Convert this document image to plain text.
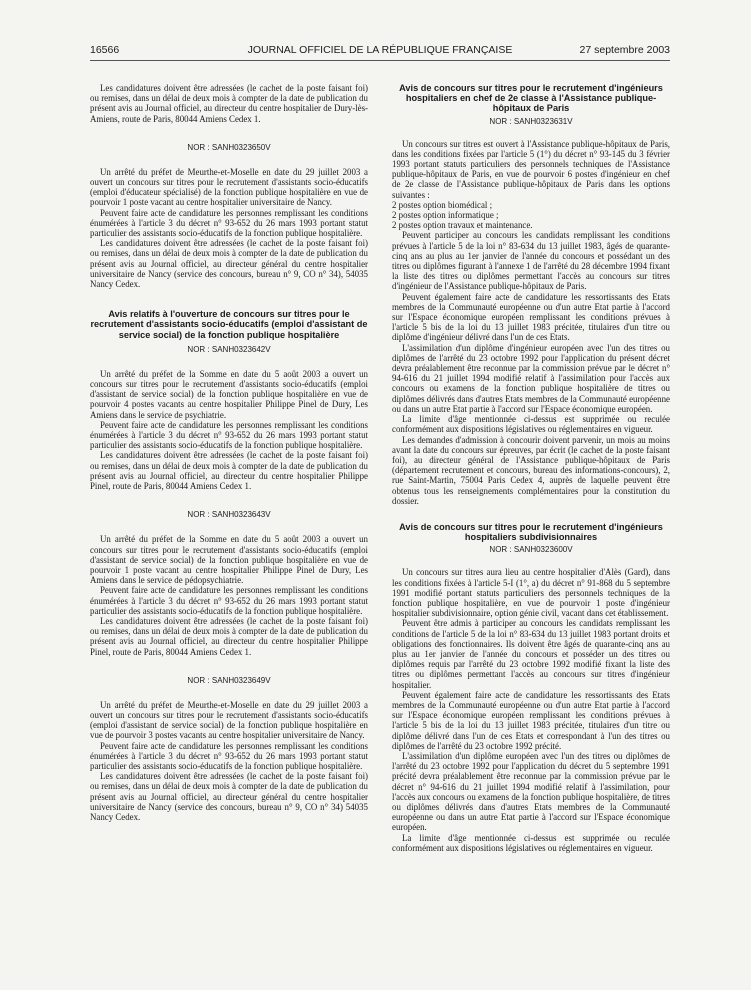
16566	JOURNAL OFFICIEL DE LA RÉPUBLIQUE FRANÇAISE	27 septembre 2003

Les candidatures doivent être adressées (le cachet de la poste faisant foi) ou remises, dans un délai de deux mois à compter de la date de publication du présent avis au Journal officiel, au directeur du centre hospitalier de Dury-lès-Amiens, route de Paris, 80044 Amiens Cedex 1.

NOR : SANH0323650V

Un arrêté du préfet de Meurthe-et-Moselle en date du 29 juillet 2003 a ouvert un concours sur titres pour le recrutement d'assistants socio-éducatifs (emploi d'éducateur spécialisé) de la fonction publique hospitalière en vue de pourvoir 1 poste vacant au centre hospitalier universitaire de Nancy.

Peuvent faire acte de candidature les personnes remplissant les conditions énumérées à l'article 3 du décret n° 93-652 du 26 mars 1993 portant statut particulier des assistants socio-éducatifs de la fonction publique hospitalière.

Les candidatures doivent être adressées (le cachet de la poste faisant foi) ou remises, dans un délai de deux mois à compter de la date de publication du présent avis au Journal officiel, au directeur général du centre hospitalier universitaire de Nancy (service des concours, bureau n° 9, CO n° 34), 54035 Nancy Cedex.

Avis relatifs à l'ouverture de concours sur titres pour le recrutement d'assistants socio-éducatifs (emploi d'assistant de service social) de la fonction publique hospitalière
NOR : SANH0323642V

Un arrêté du préfet de la Somme en date du 5 août 2003 a ouvert un concours sur titres pour le recrutement d'assistants socio-éducatifs (emploi d'assistant de service social) de la fonction publique hospitalière en vue de pourvoir 4 postes vacants au centre hospitalier Philippe Pinel de Dury, Les Amiens dans le service de psychiatrie.

Peuvent faire acte de candidature les personnes remplissant les conditions énumérées à l'article 3 du décret n° 93-652 du 26 mars 1993 portant statut particulier des assistants socio-éducatifs de la fonction publique hospitalière.

Les candidatures doivent être adressées (le cachet de la poste faisant foi) ou remises, dans un délai de deux mois à compter de la date de publication du présent avis au Journal officiel, au directeur du centre hospitalier Philippe Pinel, route de Paris, 80044 Amiens Cedex 1.

NOR : SANH0323643V

Un arrêté du préfet de la Somme en date du 5 août 2003 a ouvert un concours sur titres pour le recrutement d'assistants socio-éducatifs (emploi d'assistant de service social) de la fonction publique hospitalière en vue de pourvoir 1 poste vacant au centre hospitalier Philippe Pinel de Dury, Les Amiens dans le service de pédopsychiatrie.

Peuvent faire acte de candidature les personnes remplissant les conditions énumérées à l'article 3 du décret n° 93-652 du 26 mars 1993 portant statut particulier des assistants socio-éducatifs de la fonction publique hospitalière.

Les candidatures doivent être adressées (le cachet de la poste faisant foi) ou remises, dans un délai de deux mois à compter de la date de publication du présent avis au Journal officiel, au directeur du centre hospitalier Philippe Pinel, route de Paris, 80044 Amiens Cedex 1.

NOR : SANH0323649V

Un arrêté du préfet de Meurthe-et-Moselle en date du 29 juillet 2003 a ouvert un concours sur titres pour le recrutement d'assistants socio-éducatifs (emploi d'assistant de service social) de la fonction publique hospitalière en vue de pourvoir 3 postes vacants au centre hospitalier universitaire de Nancy.

Peuvent faire acte de candidature les personnes remplissant les conditions énumérées à l'article 3 du décret n° 93-652 du 26 mars 1993 portant statut particulier des assistants socio-éducatifs de la fonction publique hospitalière.

Les candidatures doivent être adressées (le cachet de la poste faisant foi) ou remises, dans un délai de deux mois à compter de la date de publication du présent avis au Journal officiel, au directeur général du centre hospitalier universitaire de Nancy (service des concours, bureau n° 9, CO n° 34) 54035 Nancy Cedex.

Avis de concours sur titres pour le recrutement d'ingénieurs hospitaliers en chef de 2e classe à l'Assistance publique-hôpitaux de Paris
NOR : SANH0323631V

Un concours sur titres est ouvert à l'Assistance publique-hôpitaux de Paris, dans les conditions fixées par l'article 5 (1°) du décret n° 93-145 du 3 février 1993 portant statuts particuliers des personnels techniques de l'Assistance publique-hôpitaux de Paris, en vue de pourvoir 6 postes d'ingénieur en chef de 2e classe de l'Assistance publique-hôpitaux de Paris dans les options suivantes :

2 postes option biomédical ;

2 postes option informatique ;

2 postes option travaux et maintenance.

Peuvent participer au concours les candidats remplissant les conditions prévues à l'article 5 de la loi n° 83-634 du 13 juillet 1983, âgés de quarante-cinq ans au plus au 1er janvier de l'année du concours et possédant un des titres ou diplômes figurant à l'annexe 1 de l'arrêté du 28 décembre 1994 fixant la liste des titres ou diplômes permettant l'accès au concours sur titres d'ingénieur de l'Assistance publique-hôpitaux de Paris.

Peuvent également faire acte de candidature les ressortissants des Etats membres de la Communauté européenne ou d'un autre Etat partie à l'accord sur l'Espace économique européen remplissant les conditions prévues à l'article 5 bis de la loi du 13 juillet 1983 précitée, titulaires d'un titre ou diplôme d'ingénieur délivré dans l'un de ces Etats.

L'assimilation d'un diplôme d'ingénieur européen avec l'un des titres ou diplômes de l'arrêté du 23 octobre 1992 pour l'application du présent décret devra préalablement être reconnue par la commission prévue par le décret n° 94-616 du 21 juillet 1994 modifié relatif à l'assimilation pour l'accès aux concours ou examens de la fonction publique hospitalière de titres ou diplômes délivrés dans d'autres Etats membres de la Communauté européenne ou dans un autre Etat partie à l'accord sur l'Espace économique européen.

La limite d'âge mentionnée ci-dessus est supprimée ou reculée conformément aux dispositions législatives ou réglementaires en vigueur.

Les demandes d'admission à concourir doivent parvenir, un mois au moins avant la date du concours sur épreuves, par écrit (le cachet de la poste faisant foi), au directeur général de l'Assistance publique-hôpitaux de Paris (département recrutement et concours, bureau des informations-concours), 2, rue Saint-Martin, 75004 Paris Cedex 4, auprès de laquelle peuvent être obtenus tous les renseignements complémentaires pour la constitution du dossier.

Avis de concours sur titres pour le recrutement d'ingénieurs hospitaliers subdivisionnaires
NOR : SANH0323600V

Un concours sur titres aura lieu au centre hospitalier d'Alès (Gard), dans les conditions fixées à l'article 5-I (1°, a) du décret n° 91-868 du 5 septembre 1991 modifié portant statuts particuliers des personnels techniques de la fonction publique hospitalière, en vue de pourvoir 1 poste d'ingénieur hospitalier subdivisionnaire, option génie civil, vacant dans cet établissement.

Peuvent être admis à participer au concours les candidats remplissant les conditions de l'article 5 de la loi n° 83-634 du 13 juillet 1983 portant droits et obligations des fonctionnaires. Ils doivent être âgés de quarante-cinq ans au plus au 1er janvier de l'année du concours et posséder un des titres ou diplômes requis par l'arrêté du 23 octobre 1992 modifié fixant la liste des titres ou diplômes permettant l'accès au concours sur titres d'ingénieur hospitalier.

Peuvent également faire acte de candidature les ressortissants des Etats membres de la Communauté européenne ou d'un autre Etat partie à l'accord sur l'Espace économique européen remplissant les conditions prévues à l'article 5 bis de la loi du 13 juillet 1983 précitée, titulaires d'un titre ou diplôme délivré dans l'un de ces Etats et correspondant à l'un des titres ou diplômes de l'arrêté du 23 octobre 1992 précité.

L'assimilation d'un diplôme européen avec l'un des titres ou diplômes de l'arrêté du 23 octobre 1992 pour l'application du décret du 5 septembre 1991 précité devra préalablement être reconnue par la commission prévue par le décret n° 94-616 du 21 juillet 1994 modifié relatif à l'assimilation, pour l'accès aux concours ou examens de la fonction publique hospitalière, de titres ou diplômes délivrés dans d'autres Etats membres de la Communauté européenne ou dans un autre Etat partie à l'accord sur l'Espace économique européen.

La limite d'âge mentionnée ci-dessus est supprimée ou reculée conformément aux dispositions législatives ou réglementaires en vigueur.
